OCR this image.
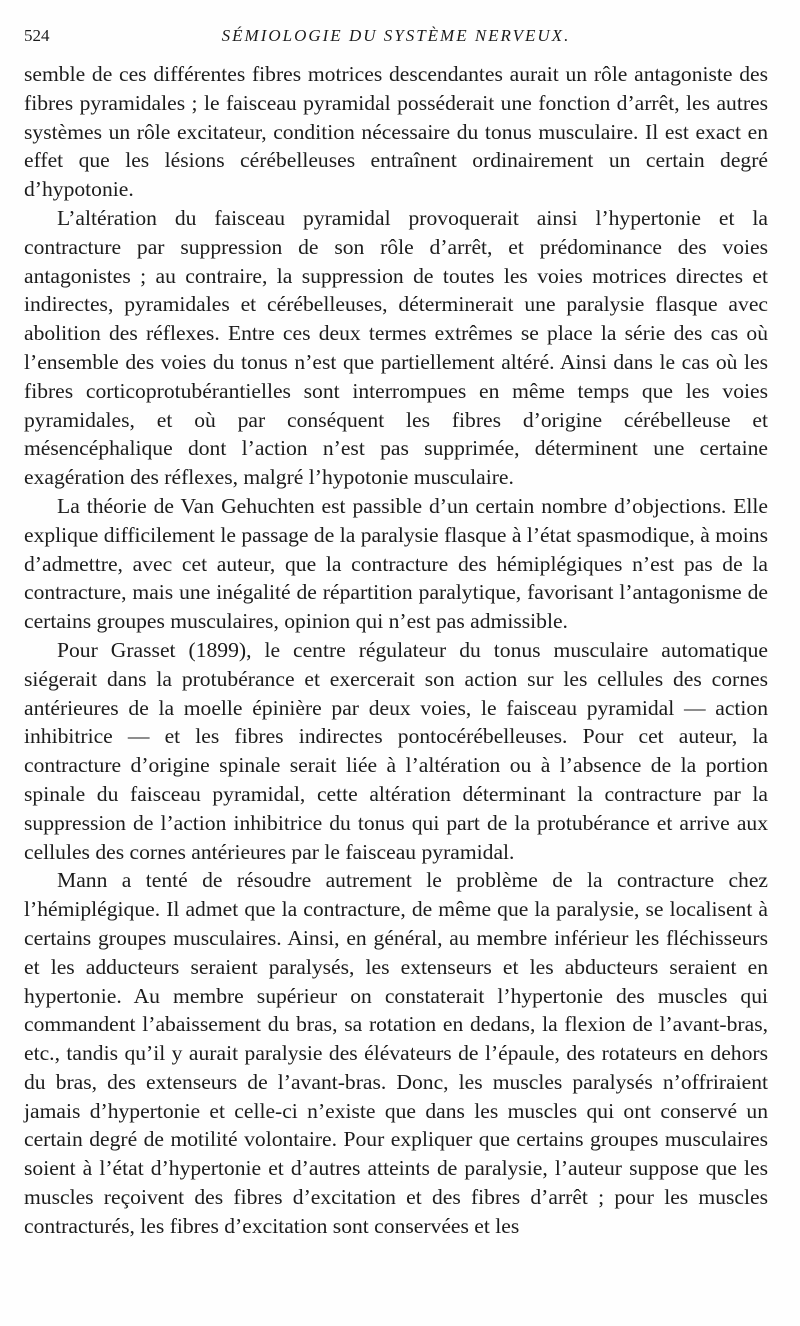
524	SÉMIOLOGIE DU SYSTÈME NERVEUX.

semble de ces différentes fibres motrices descendantes aurait un rôle antagoniste des fibres pyramidales ; le faisceau pyramidal posséderait une fonction d’arrêt, les autres systèmes un rôle excitateur, condition nécessaire du tonus musculaire. Il est exact en effet que les lésions cérébelleuses entraînent ordinairement un certain degré d’hypotonie.

L’altération du faisceau pyramidal provoquerait ainsi l’hypertonie et la contracture par suppression de son rôle d’arrêt, et prédominance des voies antagonistes ; au contraire, la suppression de toutes les voies motrices directes et indirectes, pyramidales et cérébelleuses, déterminerait une paralysie flasque avec abolition des réflexes. Entre ces deux termes extrêmes se place la série des cas où l’ensemble des voies du tonus n’est que partiellement altéré. Ainsi dans le cas où les fibres corticoprotubérantielles sont interrompues en même temps que les voies pyramidales, et où par conséquent les fibres d’origine cérébelleuse et mésencéphalique dont l’action n’est pas supprimée, déterminent une certaine exagération des réflexes, malgré l’hypotonie musculaire.

La théorie de Van Gehuchten est passible d’un certain nombre d’objections. Elle explique difficilement le passage de la paralysie flasque à l’état spasmodique, à moins d’admettre, avec cet auteur, que la contracture des hémiplégiques n’est pas de la contracture, mais une inégalité de répartition paralytique, favorisant l’antagonisme de certains groupes musculaires, opinion qui n’est pas admissible.

Pour Grasset (1899), le centre régulateur du tonus musculaire automatique siégerait dans la protubérance et exercerait son action sur les cellules des cornes antérieures de la moelle épinière par deux voies, le faisceau pyramidal — action inhibitrice — et les fibres indirectes pontocérébelleuses. Pour cet auteur, la contracture d’origine spinale serait liée à l’altération ou à l’absence de la portion spinale du faisceau pyramidal, cette altération déterminant la contracture par la suppression de l’action inhibitrice du tonus qui part de la protubérance et arrive aux cellules des cornes antérieures par le faisceau pyramidal.

Mann a tenté de résoudre autrement le problème de la contracture chez l’hémiplégique. Il admet que la contracture, de même que la paralysie, se localisent à certains groupes musculaires. Ainsi, en général, au membre inférieur les fléchisseurs et les adducteurs seraient paralysés, les extenseurs et les abducteurs seraient en hypertonie. Au membre supérieur on constaterait l’hypertonie des muscles qui commandent l’abaissement du bras, sa rotation en dedans, la flexion de l’avant-bras, etc., tandis qu’il y aurait paralysie des élévateurs de l’épaule, des rotateurs en dehors du bras, des extenseurs de l’avant-bras. Donc, les muscles paralysés n’offriraient jamais d’hypertonie et celle-ci n’existe que dans les muscles qui ont conservé un certain degré de motilité volontaire. Pour expliquer que certains groupes musculaires soient à l’état d’hypertonie et d’autres atteints de paralysie, l’auteur suppose que les muscles reçoivent des fibres d’excitation et des fibres d’arrêt ; pour les muscles contracturés, les fibres d’excitation sont conservées et les
